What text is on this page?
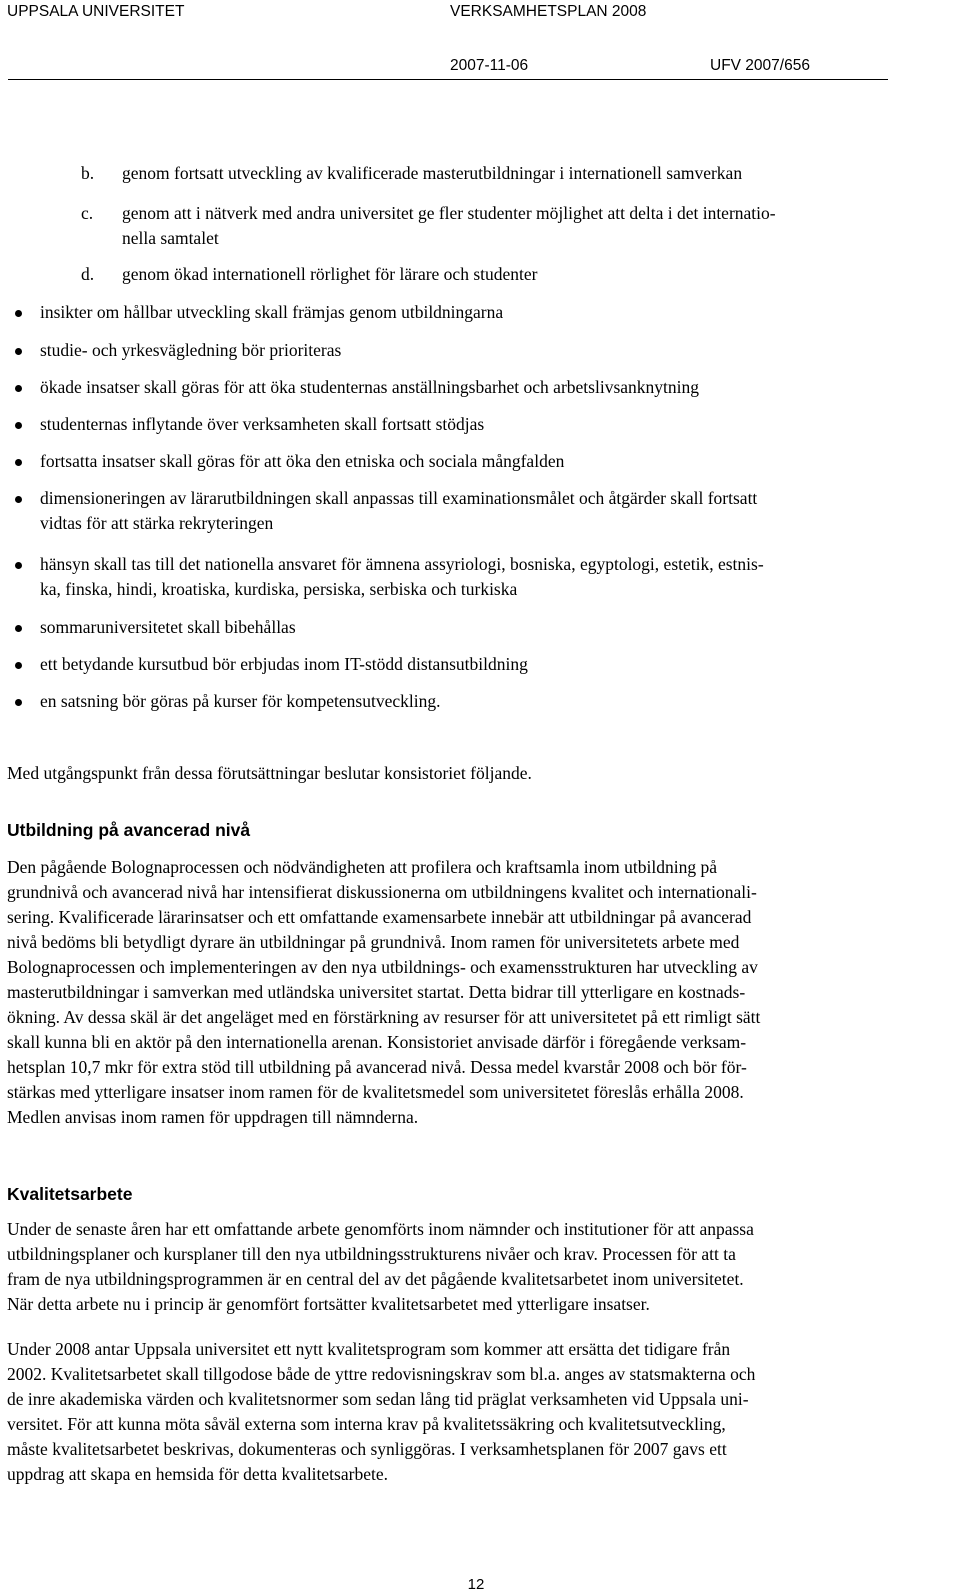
UPPSALA UNIVERSITET	VERKSAMHETSPLAN 2008
2007-11-06	UFV 2007/656
b. genom fortsatt utveckling av kvalificerade masterutbildningar i internationell samverkan
c. genom att i nätverk med andra universitet ge fler studenter möjlighet att delta i det internatio-
nella samtalet
d. genom ökad internationell rörlighet för lärare och studenter
insikter om hållbar utveckling skall främjas genom utbildningarna
studie- och yrkesvägledning bör prioriteras
ökade insatser skall göras för att öka studenternas anställningsbarhet och arbetslivsanknytning
studenternas inflytande över verksamheten skall fortsatt stödjas
fortsatta insatser skall göras för att öka den etniska och sociala mångfalden
dimensioneringen av lärarutbildningen skall anpassas till examinationsmålet och åtgärder skall fortsatt
vidtas för att stärka rekryteringen
hänsyn skall tas till det nationella ansvaret för ämnena assyriologi, bosniska, egyptologi, estetik, estnis-
ka, finska, hindi, kroatiska, kurdiska, persiska, serbiska och turkiska
sommaruniversitetet skall bibehållas
ett betydande kursutbud bör erbjudas inom IT-stödd distansutbildning
en satsning bör göras på kurser för kompetensutveckling.
Med utgångspunkt från dessa förutsättningar beslutar konsistoriet följande.
Utbildning på avancerad nivå
Den pågående Bolognaprocessen och nödvändigheten att profilera och kraftsamla inom utbildning på
grundnivå och avancerad nivå har intensifierat diskussionerna om utbildningens kvalitet och internationali-
sering. Kvalificerade lärarinsatser och ett omfattande examensarbete innebär att utbildningar på avancerad
nivå bedöms bli betydligt dyrare än utbildningar på grundnivå. Inom ramen för universitetets arbete med
Bolognaprocessen och implementeringen av den nya utbildnings- och examensstrukturen har utveckling av
masterutbildningar i samverkan med utländska universitet startat. Detta bidrar till ytterligare en kostnads-
ökning. Av dessa skäl är det angeläget med en förstärkning av resurser för att universitetet på ett rimligt sätt
skall kunna bli en aktör på den internationella arenan. Konsistoriet anvisade därför i föregående verksam-
hetsplan 10,7 mkr för extra stöd till utbildning på avancerad nivå. Dessa medel kvarstår 2008 och bör för-
stärkas med ytterligare insatser inom ramen för de kvalitetsmedel som universitetet föreslås erhålla 2008.
Medlen anvisas inom ramen för uppdragen till nämnderna.
Kvalitetsarbete
Under de senaste åren har ett omfattande arbete genomförts inom nämnder och institutioner för att anpassa
utbildningsplaner och kursplaner till den nya utbildningsstrukturens nivåer och krav. Processen för att ta
fram de nya utbildningsprogrammen är en central del av det pågående kvalitetsarbetet inom universitetet.
När detta arbete nu i princip är genomfört fortsätter kvalitetsarbetet med ytterligare insatser.
Under 2008 antar Uppsala universitet ett nytt kvalitetsprogram som kommer att ersätta det tidigare från
2002. Kvalitetsarbetet skall tillgodose både de yttre redovisningskrav som bl.a. anges av statsmakterna och
de inre akademiska värden och kvalitetsnormer som sedan lång tid präglat verksamheten vid Uppsala uni-
versitet. För att kunna möta såväl externa som interna krav på kvalitetssäkring och kvalitetsutveckling,
måste kvalitetsarbetet beskrivas, dokumenteras och synliggöras. I verksamhetsplanen för 2007 gavs ett
uppdrag att skapa en hemsida för detta kvalitetsarbete.
12
